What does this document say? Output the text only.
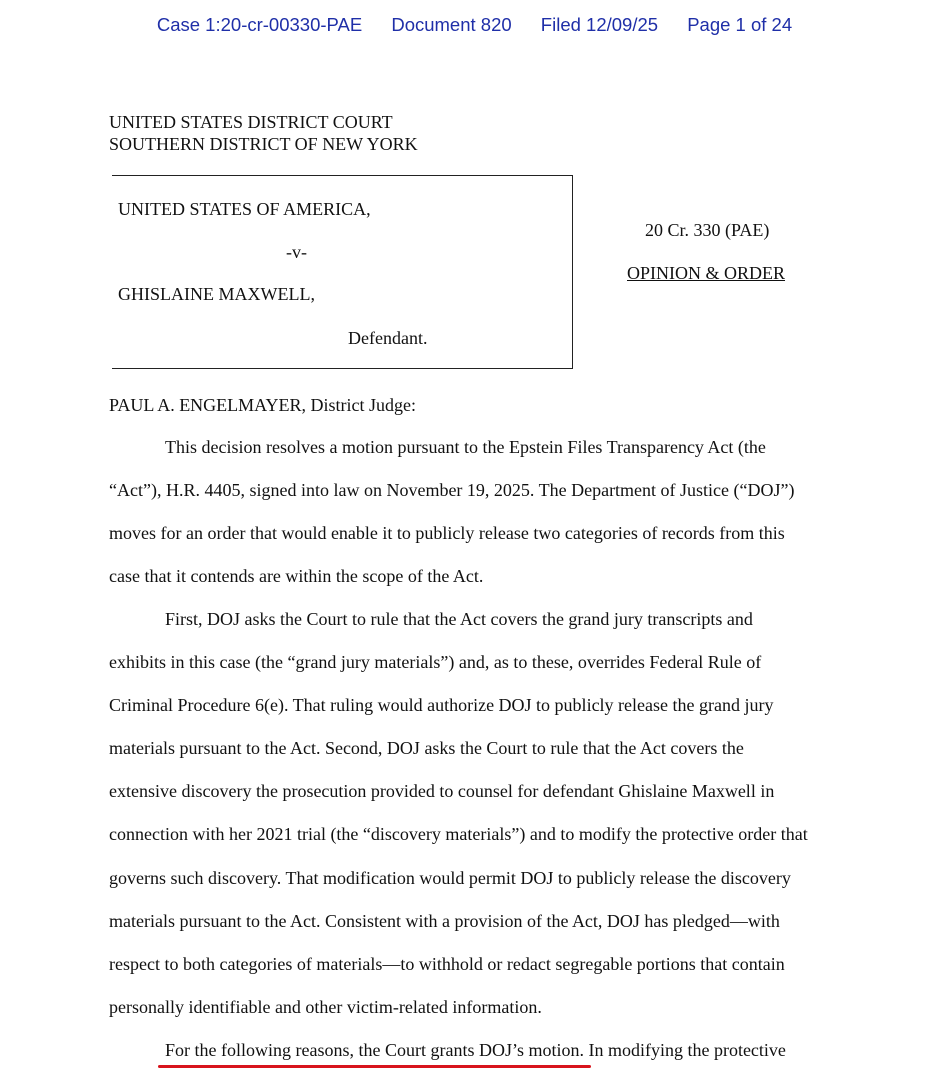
Case 1:20-cr-00330-PAE Document 820 Filed 12/09/25 Page 1 of 24
UNITED STATES DISTRICT COURT
SOUTHERN DISTRICT OF NEW YORK
UNITED STATES OF AMERICA,
-v-
GHISLAINE MAXWELL,
Defendant.
20 Cr. 330 (PAE)
OPINION & ORDER
PAUL A. ENGELMAYER, District Judge:
This decision resolves a motion pursuant to the Epstein Files Transparency Act (the
“Act”), H.R. 4405, signed into law on November 19, 2025. The Department of Justice (“DOJ”)
moves for an order that would enable it to publicly release two categories of records from this
case that it contends are within the scope of the Act.
First, DOJ asks the Court to rule that the Act covers the grand jury transcripts and
exhibits in this case (the “grand jury materials”) and, as to these, overrides Federal Rule of
Criminal Procedure 6(e). That ruling would authorize DOJ to publicly release the grand jury
materials pursuant to the Act. Second, DOJ asks the Court to rule that the Act covers the
extensive discovery the prosecution provided to counsel for defendant Ghislaine Maxwell in
connection with her 2021 trial (the “discovery materials”) and to modify the protective order that
governs such discovery. That modification would permit DOJ to publicly release the discovery
materials pursuant to the Act. Consistent with a provision of the Act, DOJ has pledged—with
respect to both categories of materials—to withhold or redact segregable portions that contain
personally identifiable and other victim-related information.
For the following reasons, the Court grants DOJ’s motion. In modifying the protective
